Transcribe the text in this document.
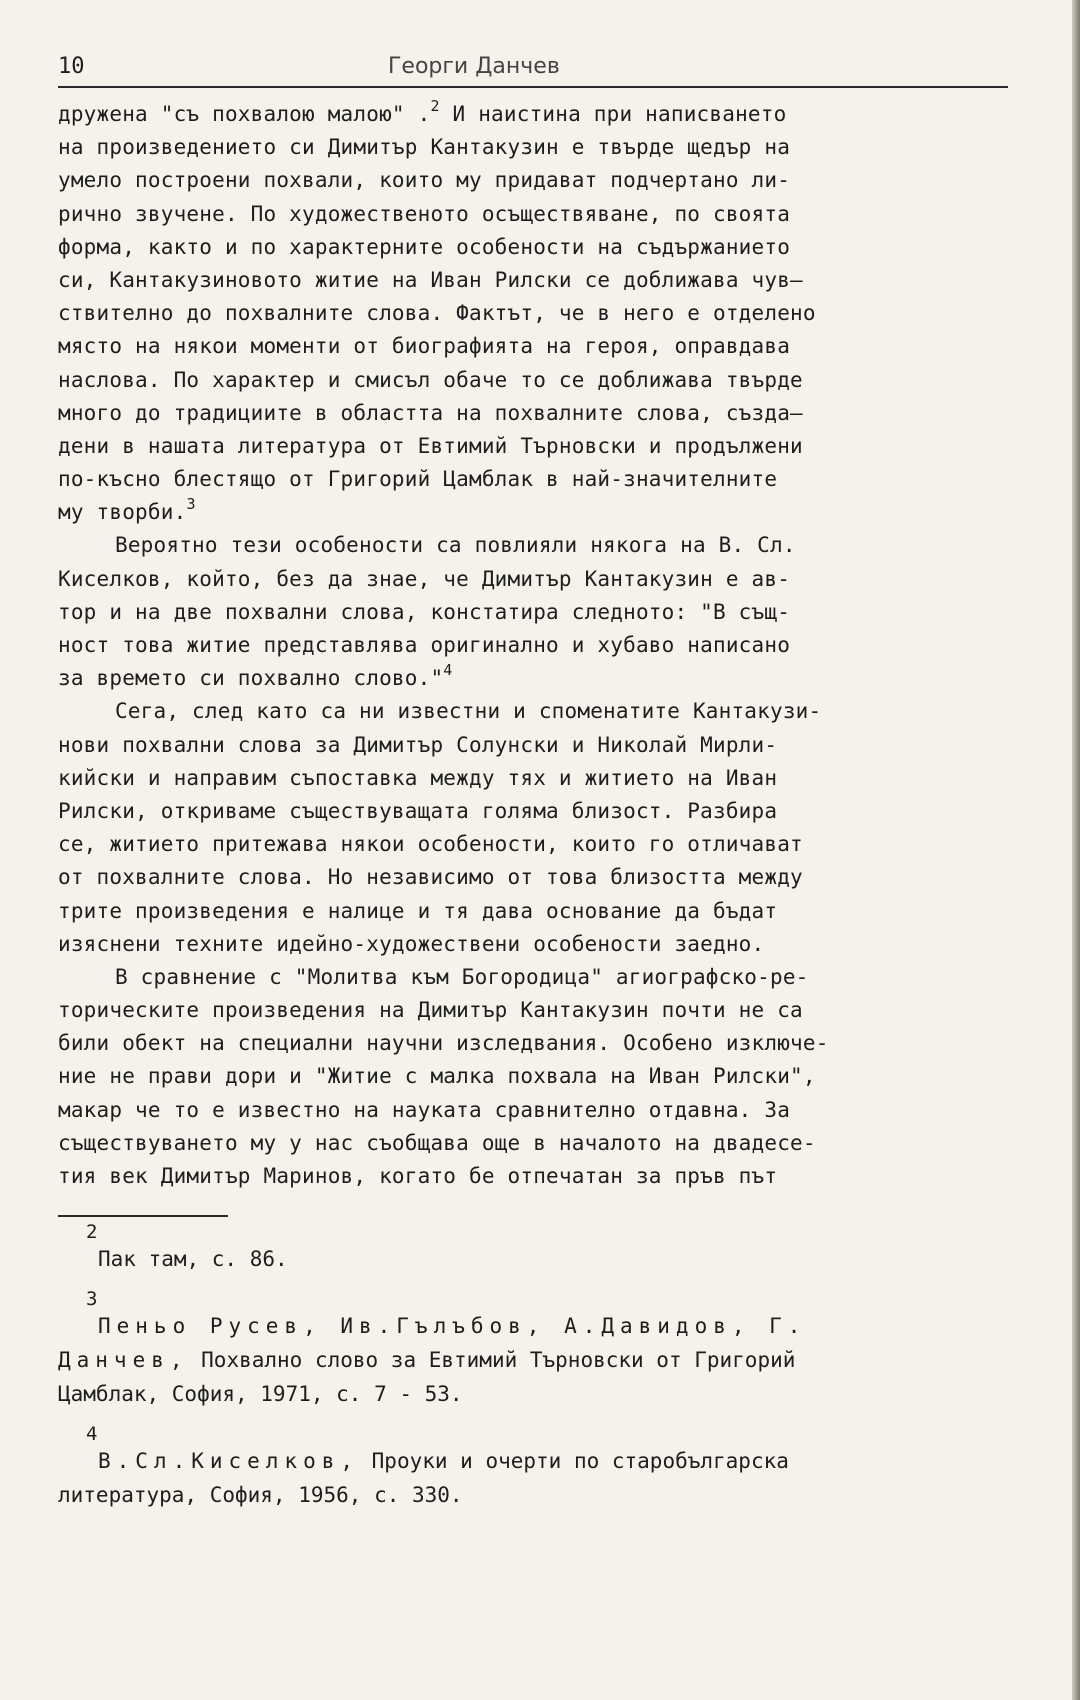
10	Георги Данчев
дружена "съ похвалою малою" .$^2$ И наистина при написването
на произведението си Димитър Кантакузин е твърде щедър на
умело построени похвали, които му придават подчертано ли-
рично звучене. По художественото осъществяване, по своята
форма, както и по характерните особености на съдържанието
си, Кантакузиновото житие на Иван Рилски се доближава чув—
ствително до похвалните слова. Фактът, че в него е отделено
място на някои моменти от биографията на героя, оправдава
наслова. По характер и смисъл обаче то се доближава твърде
много до традициите в областта на похвалните слова, създа—
дени в нашата литература от Евтимий Търновски и продължени
по-късно блестящо от Григорий Цамблак в най-значителните
му творби.$^3$
Вероятно тези особености са повлияли някога на В. Сл.
Киселков, който, без да знае, че Димитър Кантакузин е ав-
тор и на две похвални слова, констатира следното: "В същ-
ност това житие представлява оригинално и хубаво написано
за времето си похвално слово."$^4$
Сега, след като са ни известни и споменатите Кантакузи-
нови похвални слова за Димитър Солунски и Николай Мирли-
кийски и направим съпоставка между тях и житието на Иван
Рилски, откриваме съществуващата голяма близост. Разбира
се, житието притежава някои особености, които го отличават
от похвалните слова. Но независимо от това близостта между
трите произведения е налице и тя дава основание да бъдат
изяснени техните идейно-художествени особености заедно.
В сравнение с "Молитва към Богородица" агиографско-ре-
торическите произведения на Димитър Кантакузин почти не са
били обект на специални научни изследвания. Особено изключе-
ние не прави дори и "Житие с малка похвала на Иван Рилски",
макар че то е известно на науката сравнително отдавна. За
съществуването му у нас съобщава още в началото на двадесе-
тия век Димитър Маринов, когато бе отпечатан за пръв път
2
Пак там, с. 86.
3
Пеньо Русев, Ив.Гълъбов, А.Давидов, Г.
Данчев, Похвално слово за Евтимий Търновски от Григорий
Цамблак, София, 1971, с. 7 - 53.
4
В.Сл.Киселков, Проуки и очерти по старобългарска
литература, София, 1956, с. 330.
